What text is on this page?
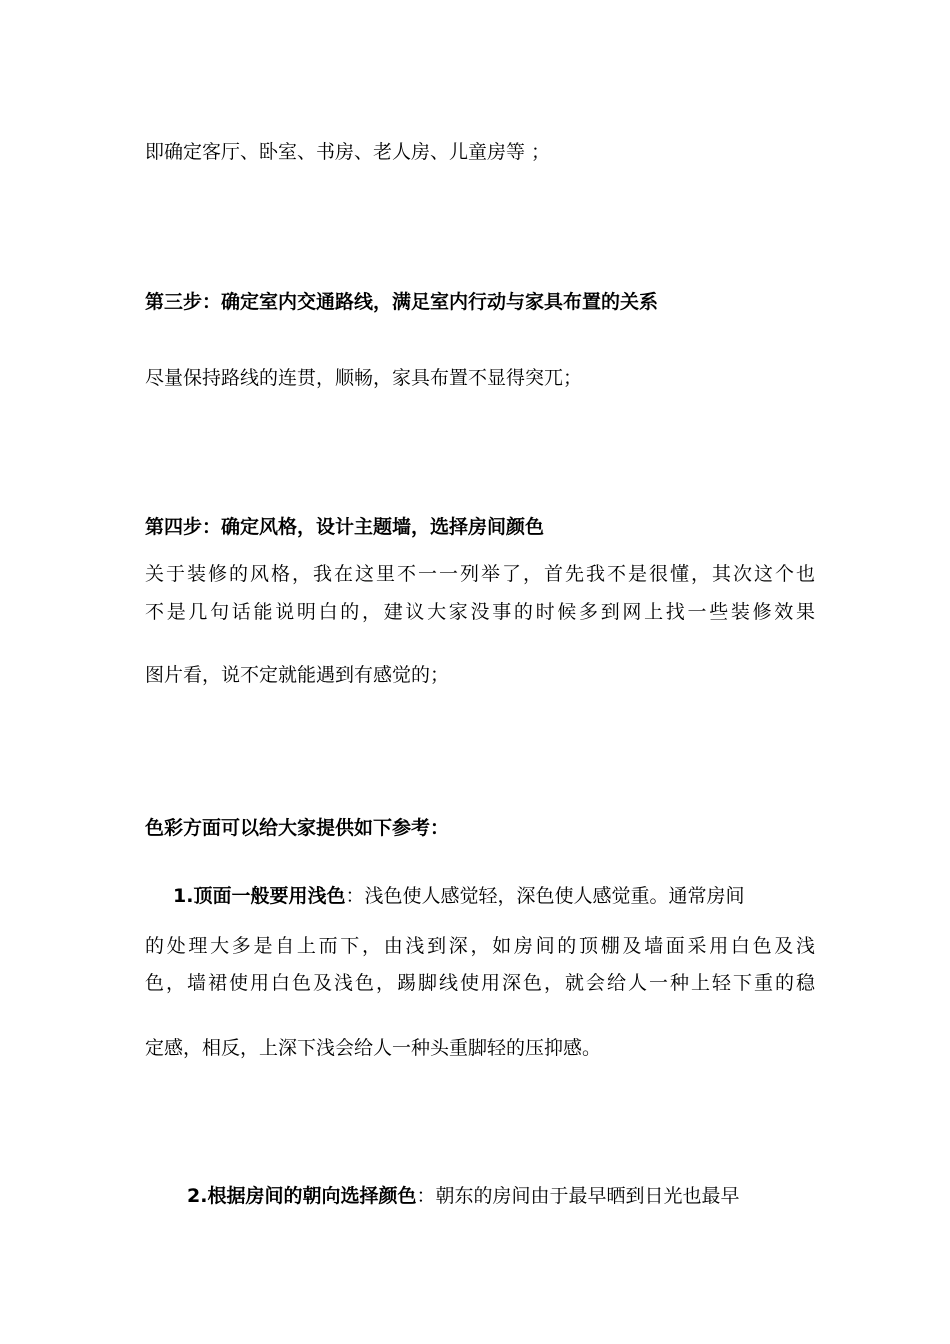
即确定客厅、卧室、书房、老人房、儿童房等 ；
第三步：确定室内交通路线，满足室内行动与家具布置的关系
尽量保持路线的连贯，顺畅，家具布置不显得突兀；
第四步：确定风格，设计主题墙，选择房间颜色
关于装修的风格，我在这里不一一列举了，首先我不是很懂，其次这个也
不是几句话能说明白的，建议大家没事的时候多到网上找一些装修效果
图片看，说不定就能遇到有感觉的；
色彩方面可以给大家提供如下参考：
1.顶面一般要用浅色：浅色使人感觉轻，深色使人感觉重。通常房间
的处理大多是自上而下，由浅到深，如房间的顶棚及墙面采用白色及浅
色，墙裙使用白色及浅色，踢脚线使用深色，就会给人一种上轻下重的稳
定感，相反，上深下浅会给人一种头重脚轻的压抑感。
2.根据房间的朝向选择颜色：朝东的房间由于最早晒到日光也最早
